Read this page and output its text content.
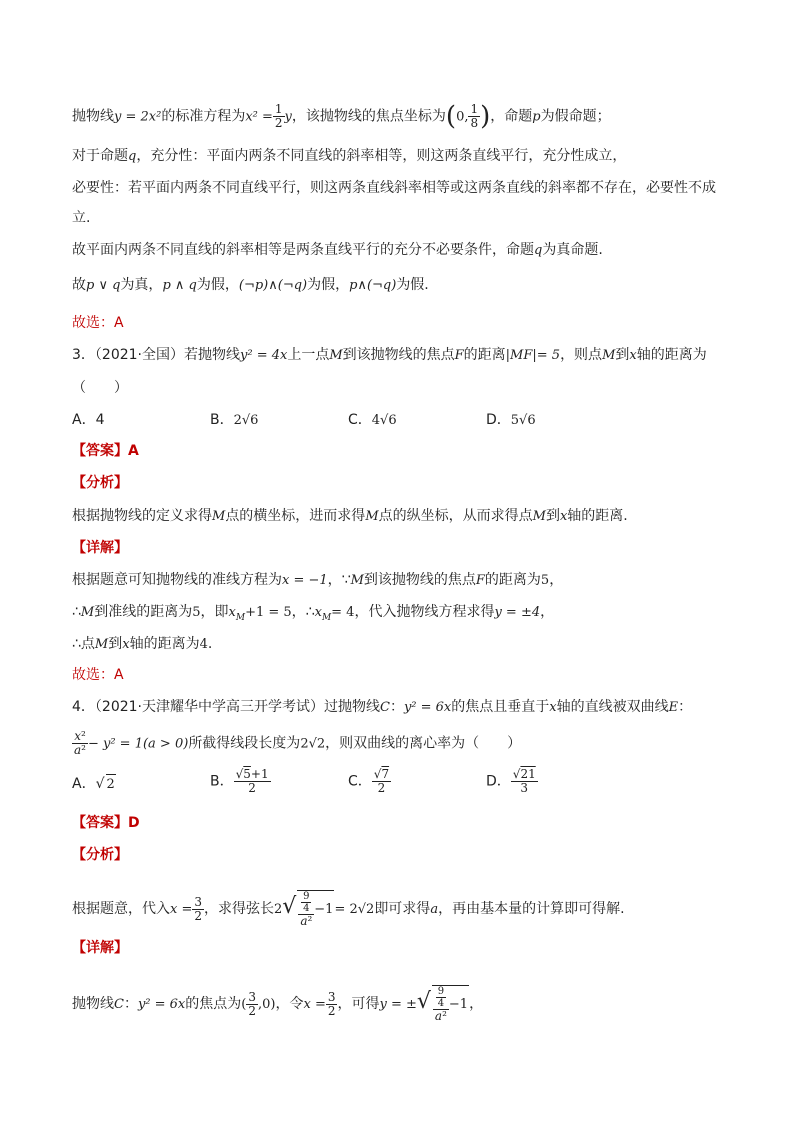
抛物线y = 2x²的标准方程为$x^2 = \frac{1}{2}$ y，该抛物线的焦点坐标为(0, $\frac{1}{8}$ )，命题p为假命题；
对于命题q，充分性：平面内两条不同直线的斜率相等，则这两条直线平行，充分性成立，
必要性：若平面内两条不同直线平行，则这两条直线斜率相等或这两条直线的斜率都不存在，必要性不成
立.
故平面内两条不同直线的斜率相等是两条直线平行的充分不必要条件，命题q为真命题.
故p ∨ q为真，p ∧ q为假，(¬p)∧(¬q)为假，p∧(¬q)为假.
故选：A
3．（2021·全国）若抛物线y² = 4x上一点M到该抛物线的焦点F的距离|MF|= 5，则点M到x轴的距离为
（　　）
A．4	B．2√6	C．4√6	D．5√6
【答案】A
【分析】
根据抛物线的定义求得M点的横坐标，进而求得M点的纵坐标，从而求得点M到x轴的距离.
【详解】
根据题意可知抛物线的准线方程为x = −1，∵M到该抛物线的焦点F的距离为5，
∴M到准线的距离为5，即$x_M+1 = 5$，$\therefore x_M= 4$，代入抛物线方程求得y = ±4，
∴点M到x轴的距离为4.
故选：A
4．（2021·天津耀华中学高三开学考试）过抛物线C：y² = 6x的焦点且垂直于x轴的直线被双曲线E：
$\frac{\text{x²}}{\text{a²}} - y^2 = 1(a > 0)$所截得线段长度为2√2，则双曲线的离心率为（　　）
A．√ 2	B． $\frac{√5+1}{2}$	C． $\frac{√7}{2}$	D． $\frac{√21}{3}$
【答案】D
【分析】
根据题意，代入$x = \frac{3}{2}$ ，求得弦长$2√ \frac{\frac{9}{4}}{\text{a²}} -1= 2√2$即可求得a，再由基本量的计算即可得解.
【详解】
抛物线C：y² = 6x的焦点为( $\frac{3}{2} ,0$)，令$x = \frac{3}{2}$ ，可得y = ±√ $\frac{\frac{9}{4}}{\text{a²}} -1$，
